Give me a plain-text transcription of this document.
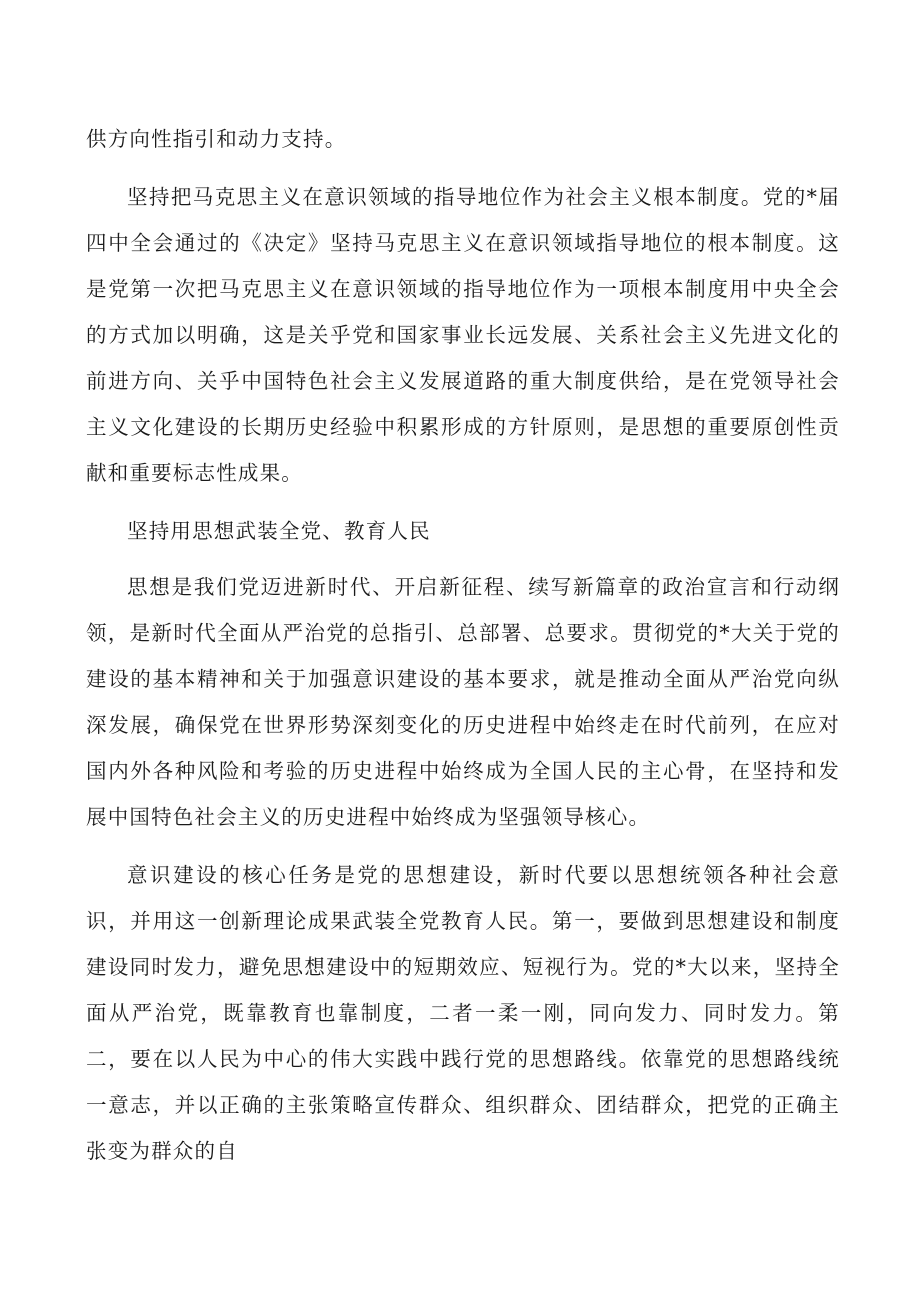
供方向性指引和动力支持。

坚持把马克思主义在意识领域的指导地位作为社会主义根本制度。党的*届四中全会通过的《决定》坚持马克思主义在意识领域指导地位的根本制度。这是党第一次把马克思主义在意识领域的指导地位作为一项根本制度用中央全会的方式加以明确，这是关乎党和国家事业长远发展、关系社会主义先进文化的前进方向、关乎中国特色社会主义发展道路的重大制度供给，是在党领导社会主义文化建设的长期历史经验中积累形成的方针原则，是思想的重要原创性贡献和重要标志性成果。

坚持用思想武装全党、教育人民

思想是我们党迈进新时代、开启新征程、续写新篇章的政治宣言和行动纲领，是新时代全面从严治党的总指引、总部署、总要求。贯彻党的*大关于党的建设的基本精神和关于加强意识建设的基本要求，就是推动全面从严治党向纵深发展，确保党在世界形势深刻变化的历史进程中始终走在时代前列，在应对国内外各种风险和考验的历史进程中始终成为全国人民的主心骨，在坚持和发展中国特色社会主义的历史进程中始终成为坚强领导核心。

意识建设的核心任务是党的思想建设，新时代要以思想统领各种社会意识，并用这一创新理论成果武装全党教育人民。第一，要做到思想建设和制度建设同时发力，避免思想建设中的短期效应、短视行为。党的*大以来，坚持全面从严治党，既靠教育也靠制度，二者一柔一刚，同向发力、同时发力。第二，要在以人民为中心的伟大实践中践行党的思想路线。依靠党的思想路线统一意志，并以正确的主张策略宣传群众、组织群众、团结群众，把党的正确主张变为群众的自
